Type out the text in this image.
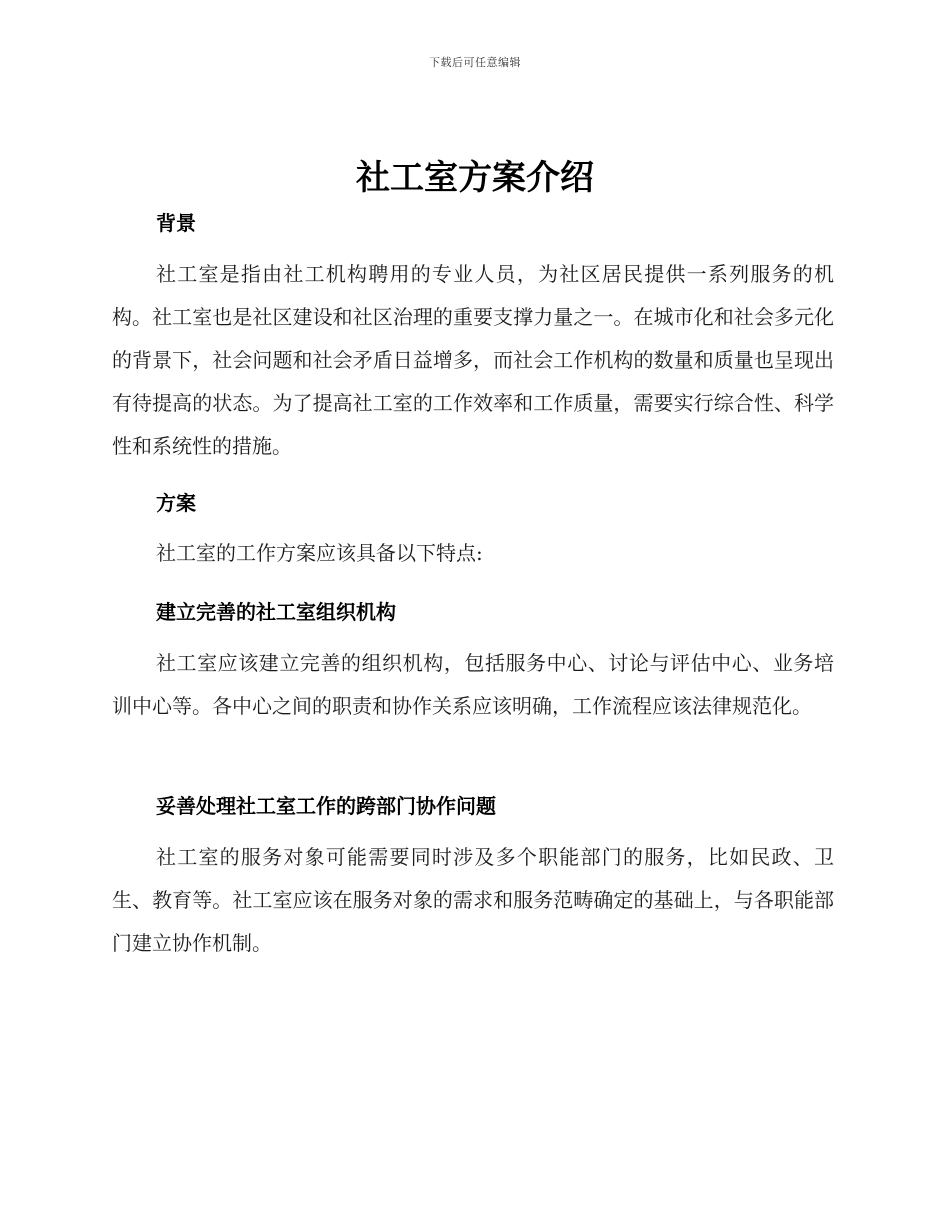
下载后可任意编辑
社工室方案介绍
背景

社工室是指由社工机构聘用的专业人员，为社区居民提供一系列服务的机构。社工室也是社区建设和社区治理的重要支撑力量之一。在城市化和社会多元化的背景下，社会问题和社会矛盾日益增多，而社会工作机构的数量和质量也呈现出有待提高的状态。为了提高社工室的工作效率和工作质量，需要实行综合性、科学性和系统性的措施。

方案

社工室的工作方案应该具备以下特点:

建立完善的社工室组织机构

社工室应该建立完善的组织机构，包括服务中心、讨论与评估中心、业务培训中心等。各中心之间的职责和协作关系应该明确，工作流程应该法律规范化。

妥善处理社工室工作的跨部门协作问题

社工室的服务对象可能需要同时涉及多个职能部门的服务，比如民政、卫生、教育等。社工室应该在服务对象的需求和服务范畴确定的基础上，与各职能部门建立协作机制。
